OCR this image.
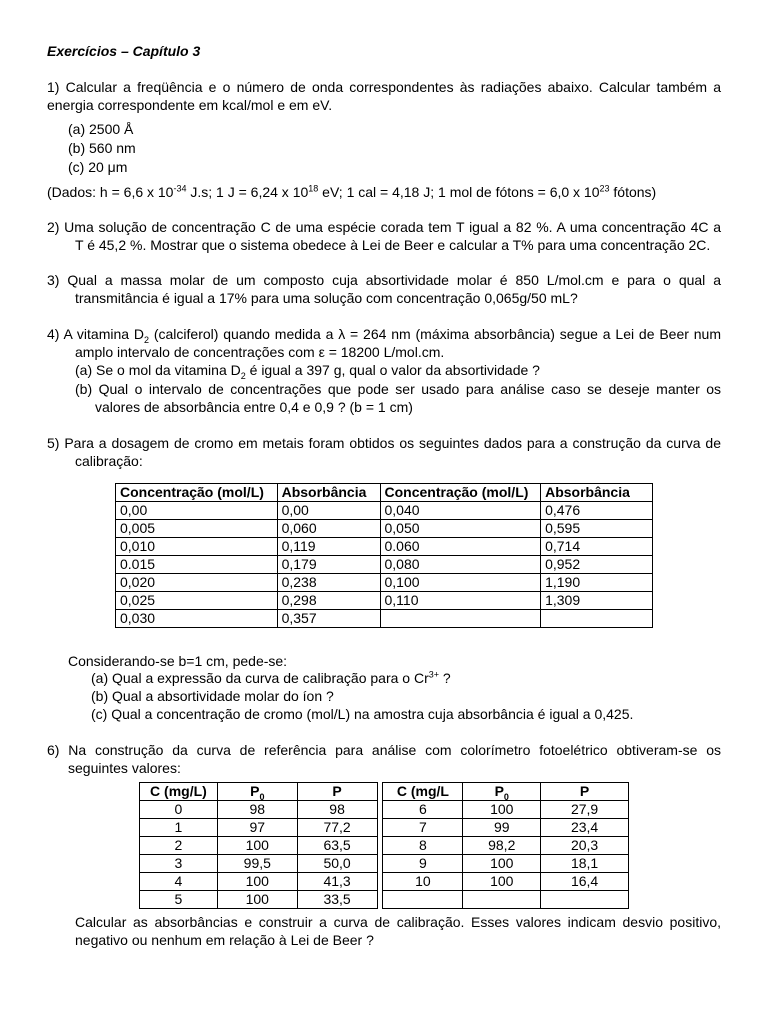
Exercícios – Capítulo 3
1) Calcular a freqüência e o número de onda correspondentes às radiações abaixo. Calcular também a
energia correspondente em kcal/mol e em eV.
(a) 2500 Å
(b) 560 nm
(c) 20 μm
(Dados: h = 6,6 x $10^{-34}$ J.s; 1 J = 6,24 x $10^{18}$ eV; 1 cal = 4,18 J; 1 mol de fótons = 6,0 x $10^{23}$ fótons)
2) Uma solução de concentração C de uma espécie corada tem T igual a 82 %. A uma concentração 4C a
T é 45,2 %. Mostrar que o sistema obedece à Lei de Beer e calcular a T% para uma concentração 2C.
3) Qual a massa molar de um composto cuja absortividade molar é 850 L/mol.cm e para o qual a
transmitância é igual a 17% para uma solução com concentração 0,065g/50 mL?
4) A vitamina $D_2$ (calciferol) quando medida a λ = 264 nm (máxima absorbância) segue a Lei de Beer num
amplo intervalo de concentrações com ε = 18200 L/mol.cm.
(a) Se o mol da vitamina $D_2$ é igual a 397 g, qual o valor da absortividade ?
(b) Qual o intervalo de concentrações que pode ser usado para análise caso se deseje manter os
valores de absorbância entre 0,4 e 0,9 ? (b = 1 cm)
5) Para a dosagem de cromo em metais foram obtidos os seguintes dados para a construção da curva de
calibração:
Concentração (mol/L)	Absorbância	Concentração (mol/L)	Absorbância
0,00	0,00	0,040	0,476
0,005	0,060	0,050	0,595
0,010	0,119	0.060	0,714
0.015	0,179	0,080	0,952
0,020	0,238	0,100	1,190
0,025	0,298	0,110	1,309
0,030	0,357		
Considerando-se b=1 cm, pede-se:
(a) Qual a expressão da curva de calibração para o $Cr^{3+}$ ?
(b) Qual a absortividade molar do íon ?
(c) Qual a concentração de cromo (mol/L) na amostra cuja absorbância é igual a 0,425.
6) Na construção da curva de referência para análise com colorímetro fotoelétrico obtiveram-se os
seguintes valores:
C (mg/L)	$P_0$	P		C (mg/L	$P_0$	P
0	98	98		6	100	27,9
1	97	77,2		7	99	23,4
2	100	63,5		8	98,2	20,3
3	99,5	50,0		9	100	18,1
4	100	41,3		10	100	16,4
5	100	33,5				
Calcular as absorbâncias e construir a curva de calibração. Esses valores indicam desvio positivo,
negativo ou nenhum em relação à Lei de Beer ?
